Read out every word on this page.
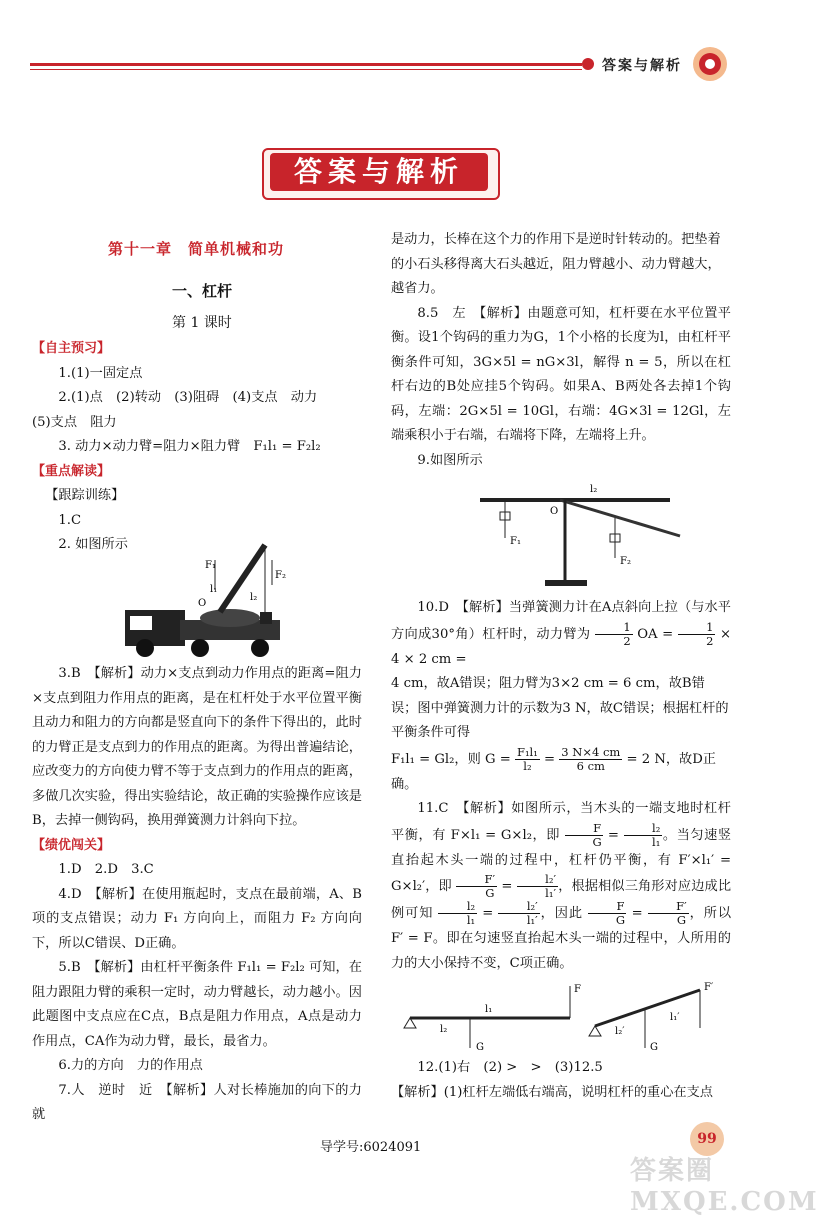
答案与解析
答案与解析
第十一章　简单机械和功
一、杠杆
第 1 课时
【自主预习】

1.(1)一固定点

2.(1)点　(2)转动　(3)阻碍　(4)支点　动力

(5)支点　阻力

3. 动力×动力臂=阻力×阻力臂　F₁l₁ = F₂l₂

【重点解读】

【跟踪训练】

1.C

2. 如图所示

F₁
F₂
l₁
l₂
O

3.B　【解析】动力×支点到动力作用点的距离=阻力×支点到阻力作用点的距离，是在杠杆处于水平位置平衡且动力和阻力的方向都是竖直向下的条件下得出的，此时的力臂正是支点到力的作用点的距离。为得出普遍结论，应改变力的方向使力臂不等于支点到力的作用点的距离，多做几次实验，得出实验结论，故正确的实验操作应该是B，去掉一侧钩码，换用弹簧测力计斜向下拉。

【绩优闯关】

1.D　2.D　3.C

4.D　【解析】在使用瓶起时，支点在最前端，A、B项的支点错误；动力 F₁ 方向向上，而阻力 F₂ 方向向下，所以C错误、D正确。

5.B　【解析】由杠杆平衡条件 F₁l₁ = F₂l₂ 可知，在阻力跟阻力臂的乘积一定时，动力臂越长，动力越小。因此题图中支点应在C点，B点是阻力作用点，A点是动力作用点，CA作为动力臂，最长，最省力。

6.力的方向　力的作用点

7.人　逆时　近　【解析】人对长棒施加的向下的力就

是动力，长棒在这个力的作用下是逆时针转动的。把垫着的小石头移得离大石头越近，阻力臂越小、动力臂越大，越省力。

8.5　左　【解析】由题意可知，杠杆要在水平位置平衡。设1个钩码的重力为G，1个小格的长度为l，由杠杆平衡条件可知，3G×5l = nG×3l，解得 n = 5，所以在杠杆右边的B处应挂5个钩码。如果A、B两处各去掉1个钩码，左端：2G×5l = 10Gl，右端：4G×3l = 12Gl，左端乘积小于右端，右端将下降，左端将上升。

9.如图所示

l₂
O
F₁
F₂

10.D　【解析】当弹簧测力计在A点斜向上拉（与水平方向成30°角）杠杆时，动力臂为 $\frac{1}{2}$ OA = $\frac{1}{2} \times 4 \times 2$ cm =

4 cm，故A错误；阻力臂为3×2 cm = 6 cm，故B错误；图中弹簧测力计的示数为3 N，故C错误；根据杠杆的平衡条件可得

F₁l₁ = Gl₂，则 $G = \frac{\text{F₁l₁}}{\text{l₂}} = \frac{3 N\times 4 cm}{6 cm} = 2$ N，故D正确。

11.C　【解析】如图所示，当木头的一端支地时杠杆平衡，有 F×l₁ = G×l₂，即 $\frac{F}{G} = \frac{\text{l₂}}{\text{l₁}}$ 。当匀速竖直抬起木头一端的过程中，杠杆仍平衡，有 F′×l₁′ = G×l₂′，即 $\frac{F'}{G} = \frac{\text{l₂′}}{\text{l₁′}}$ ，根据相似三角形对应边成比例可知 $\frac{\text{l₂}}{\text{l₁}} = \frac{\text{l₂′}}{\text{l₁′}}$ ，因此 $\frac{F}{G} = \frac{F'}{G}$ ，所以 F′ = F。即在匀速竖直抬起木头一端的过程中，人所用的力的大小保持不变，C项正确。

F
G
l₁
l₂
F′
G
l₁′
l₂′

12.(1)右　(2) >　>　(3)12.5

【解析】(1)杠杆左端低右端高，说明杠杆的重心在支点

导学号:6024091
99
答案圈 MXQE.COM
